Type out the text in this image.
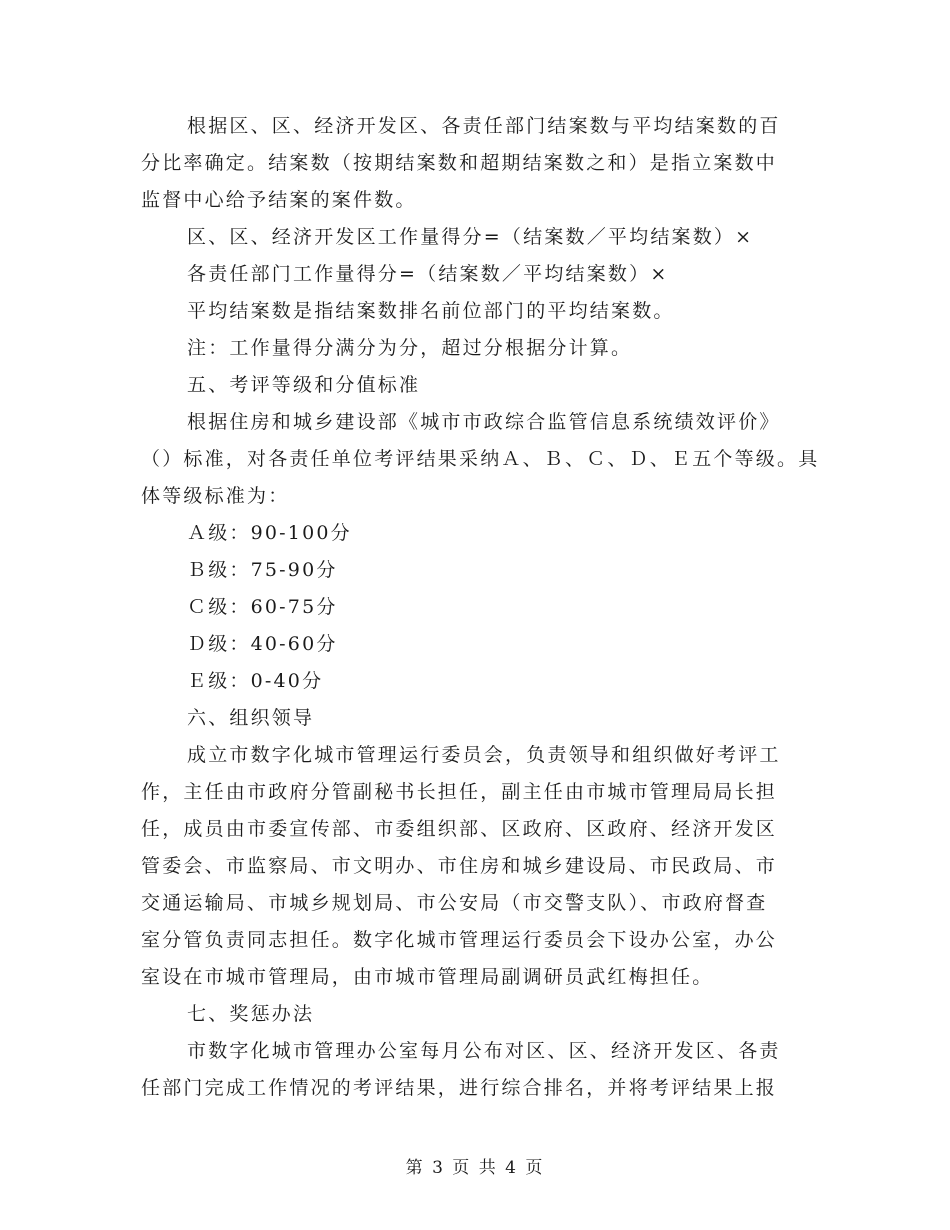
根据区、区、经济开发区、各责任部门结案数与平均结案数的百
分比率确定。结案数（按期结案数和超期结案数之和）是指立案数中
监督中心给予结案的案件数。

区、区、经济开发区工作量得分=（结案数／平均结案数）×

各责任部门工作量得分=（结案数／平均结案数）×

平均结案数是指结案数排名前位部门的平均结案数。

注：工作量得分满分为分，超过分根据分计算。

五、考评等级和分值标准

根据住房和城乡建设部《城市市政综合监管信息系统绩效评价》
（）标准，对各责任单位考评结果采纳Ａ、Ｂ、Ｃ、Ｄ、Ｅ五个等级。具
体等级标准为：

Ａ级：90-100分

Ｂ级：75-90分

Ｃ级：60-75分

Ｄ级：40-60分

Ｅ级：0-40分

六、组织领导

成立市数字化城市管理运行委员会，负责领导和组织做好考评工
作，主任由市政府分管副秘书长担任，副主任由市城市管理局局长担
任，成员由市委宣传部、市委组织部、区政府、区政府、经济开发区
管委会、市监察局、市文明办、市住房和城乡建设局、市民政局、市
交通运输局、市城乡规划局、市公安局（市交警支队）、市政府督查
室分管负责同志担任。数字化城市管理运行委员会下设办公室，办公
室设在市城市管理局，由市城市管理局副调研员武红梅担任。

七、奖惩办法

市数字化城市管理办公室每月公布对区、区、经济开发区、各责
任部门完成工作情况的考评结果，进行综合排名，并将考评结果上报

第 3 页 共 4 页
